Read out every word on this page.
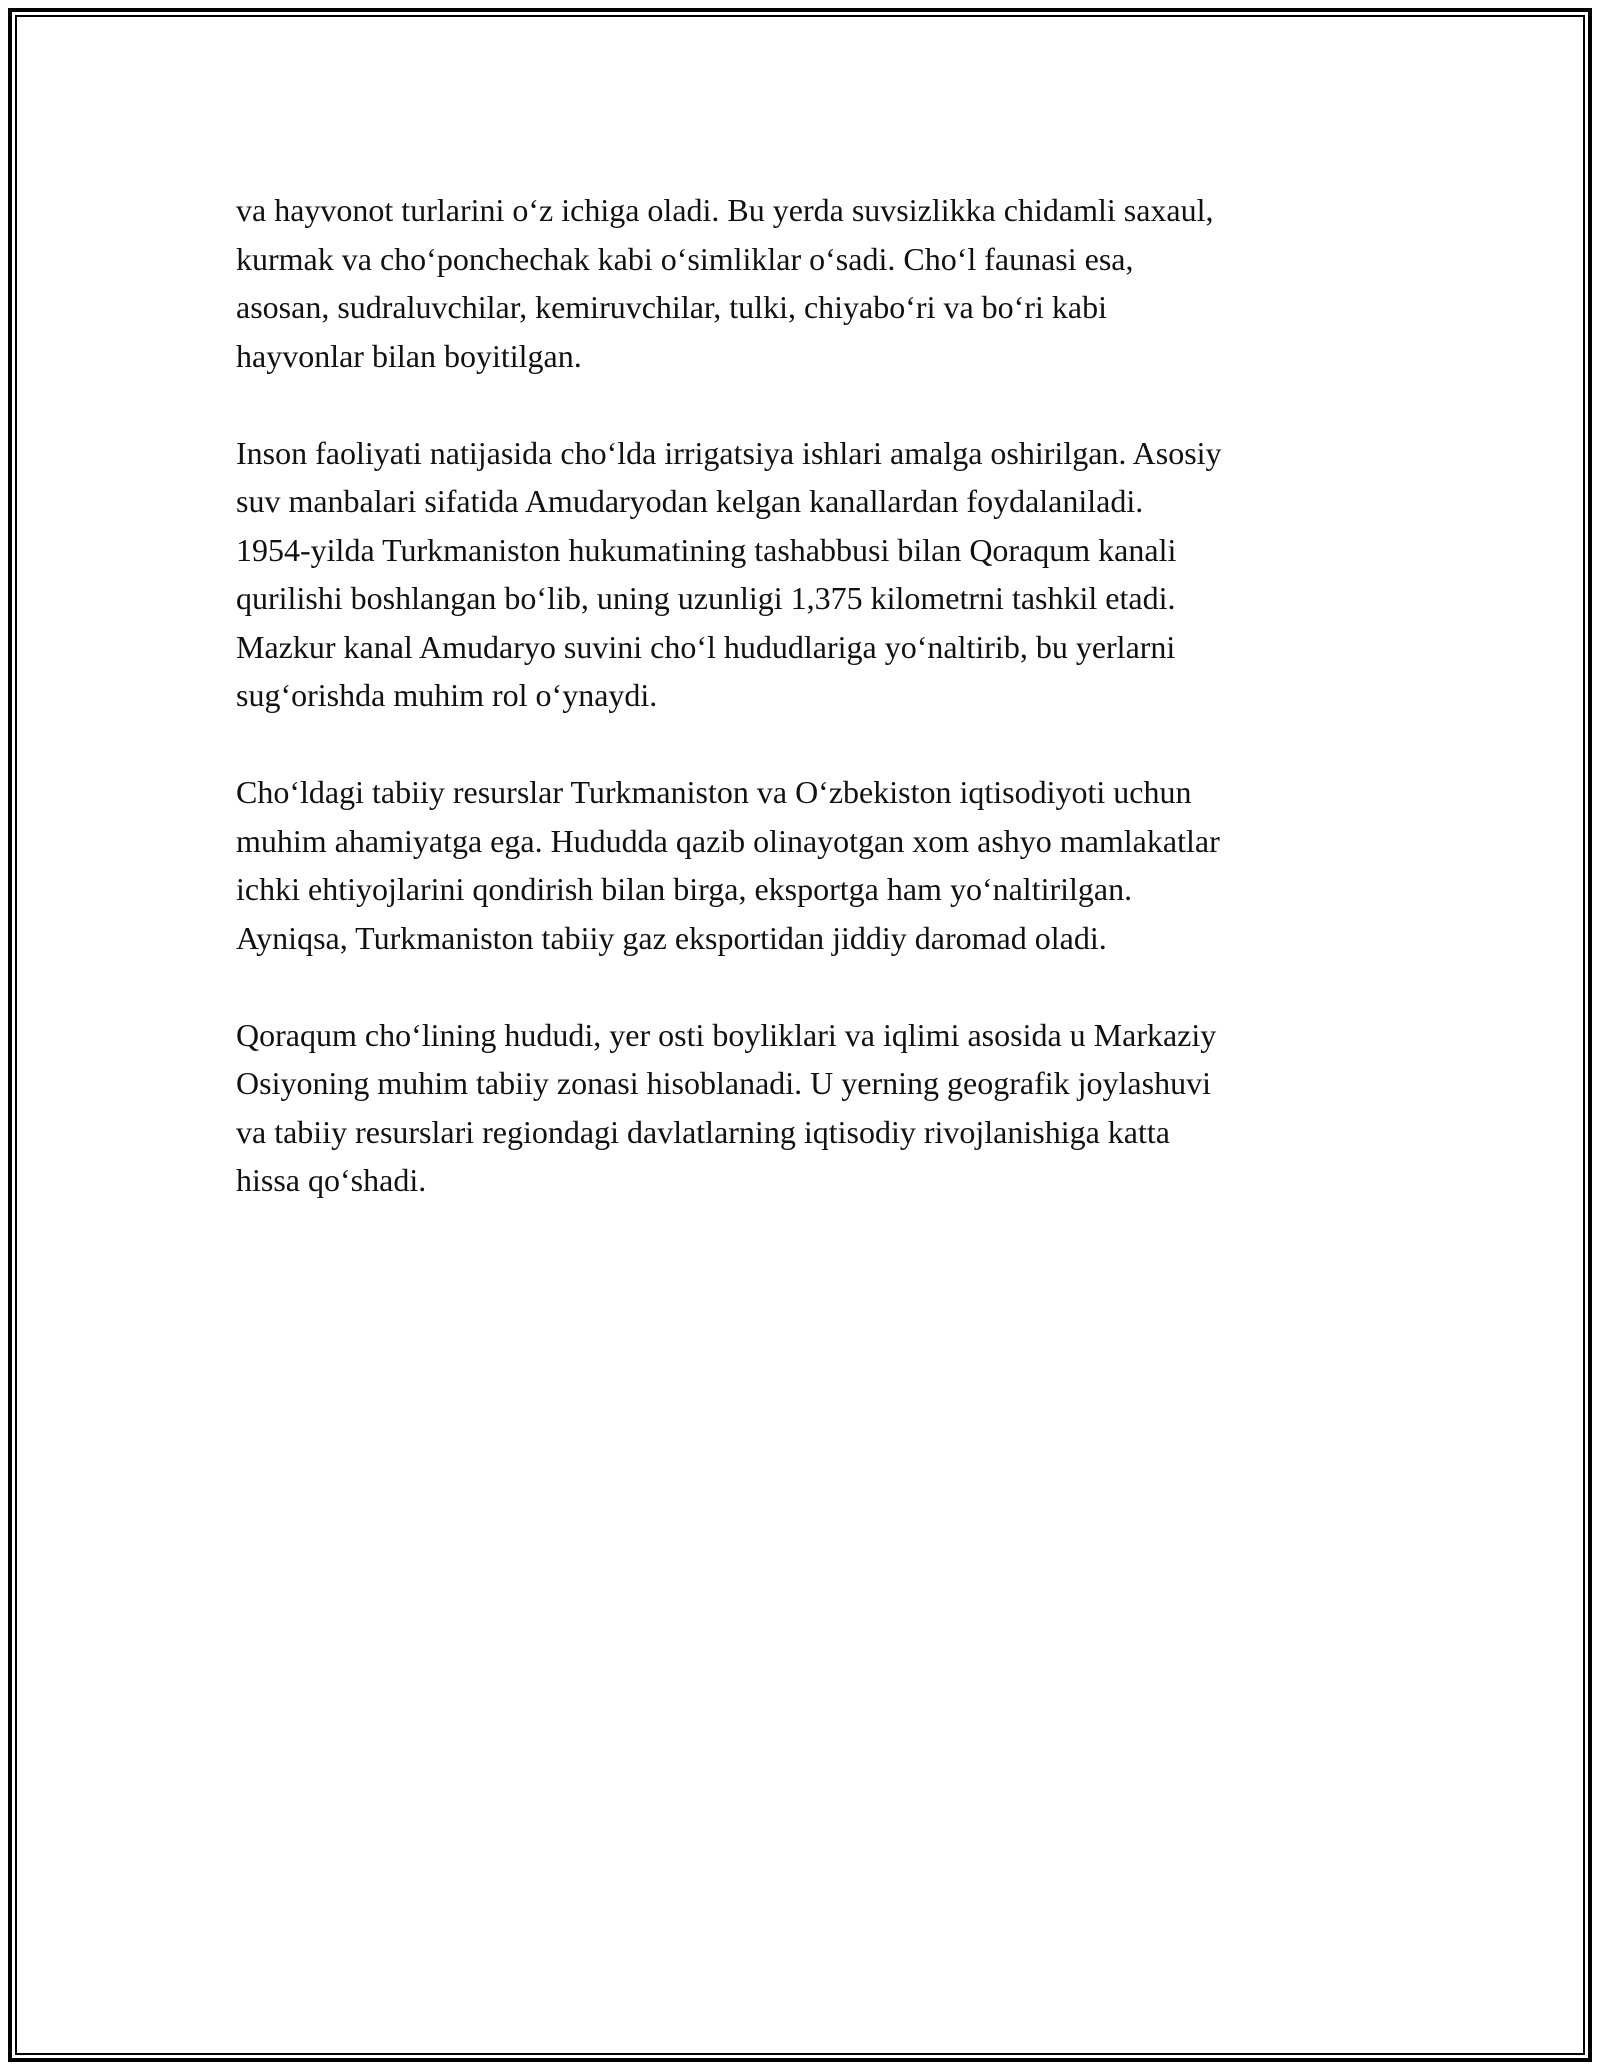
va hayvonot turlarini o‘z ichiga oladi. Bu yerda suvsizlikka chidamli saxaul,
kurmak va cho‘ponchechak kabi o‘simliklar o‘sadi. Cho‘l faunasi esa,
asosan, sudraluvchilar, kemiruvchilar, tulki, chiyabo‘ri va bo‘ri kabi
hayvonlar bilan boyitilgan.

Inson faoliyati natijasida cho‘lda irrigatsiya ishlari amalga oshirilgan. Asosiy
suv manbalari sifatida Amudaryodan kelgan kanallardan foydalaniladi.
1954-yilda Turkmaniston hukumatining tashabbusi bilan Qoraqum kanali
qurilishi boshlangan bo‘lib, uning uzunligi 1,375 kilometrni tashkil etadi.
Mazkur kanal Amudaryo suvini cho‘l hududlariga yo‘naltirib, bu yerlarni
sug‘orishda muhim rol o‘ynaydi.

Cho‘ldagi tabiiy resurslar Turkmaniston va O‘zbekiston iqtisodiyoti uchun
muhim ahamiyatga ega. Hududda qazib olinayotgan xom ashyo mamlakatlar
ichki ehtiyojlarini qondirish bilan birga, eksportga ham yo‘naltirilgan.
Ayniqsa, Turkmaniston tabiiy gaz eksportidan jiddiy daromad oladi.

Qoraqum cho‘lining hududi, yer osti boyliklari va iqlimi asosida u Markaziy
Osiyoning muhim tabiiy zonasi hisoblanadi. U yerning geografik joylashuvi
va tabiiy resurslari regiondagi davlatlarning iqtisodiy rivojlanishiga katta
hissa qo‘shadi.
